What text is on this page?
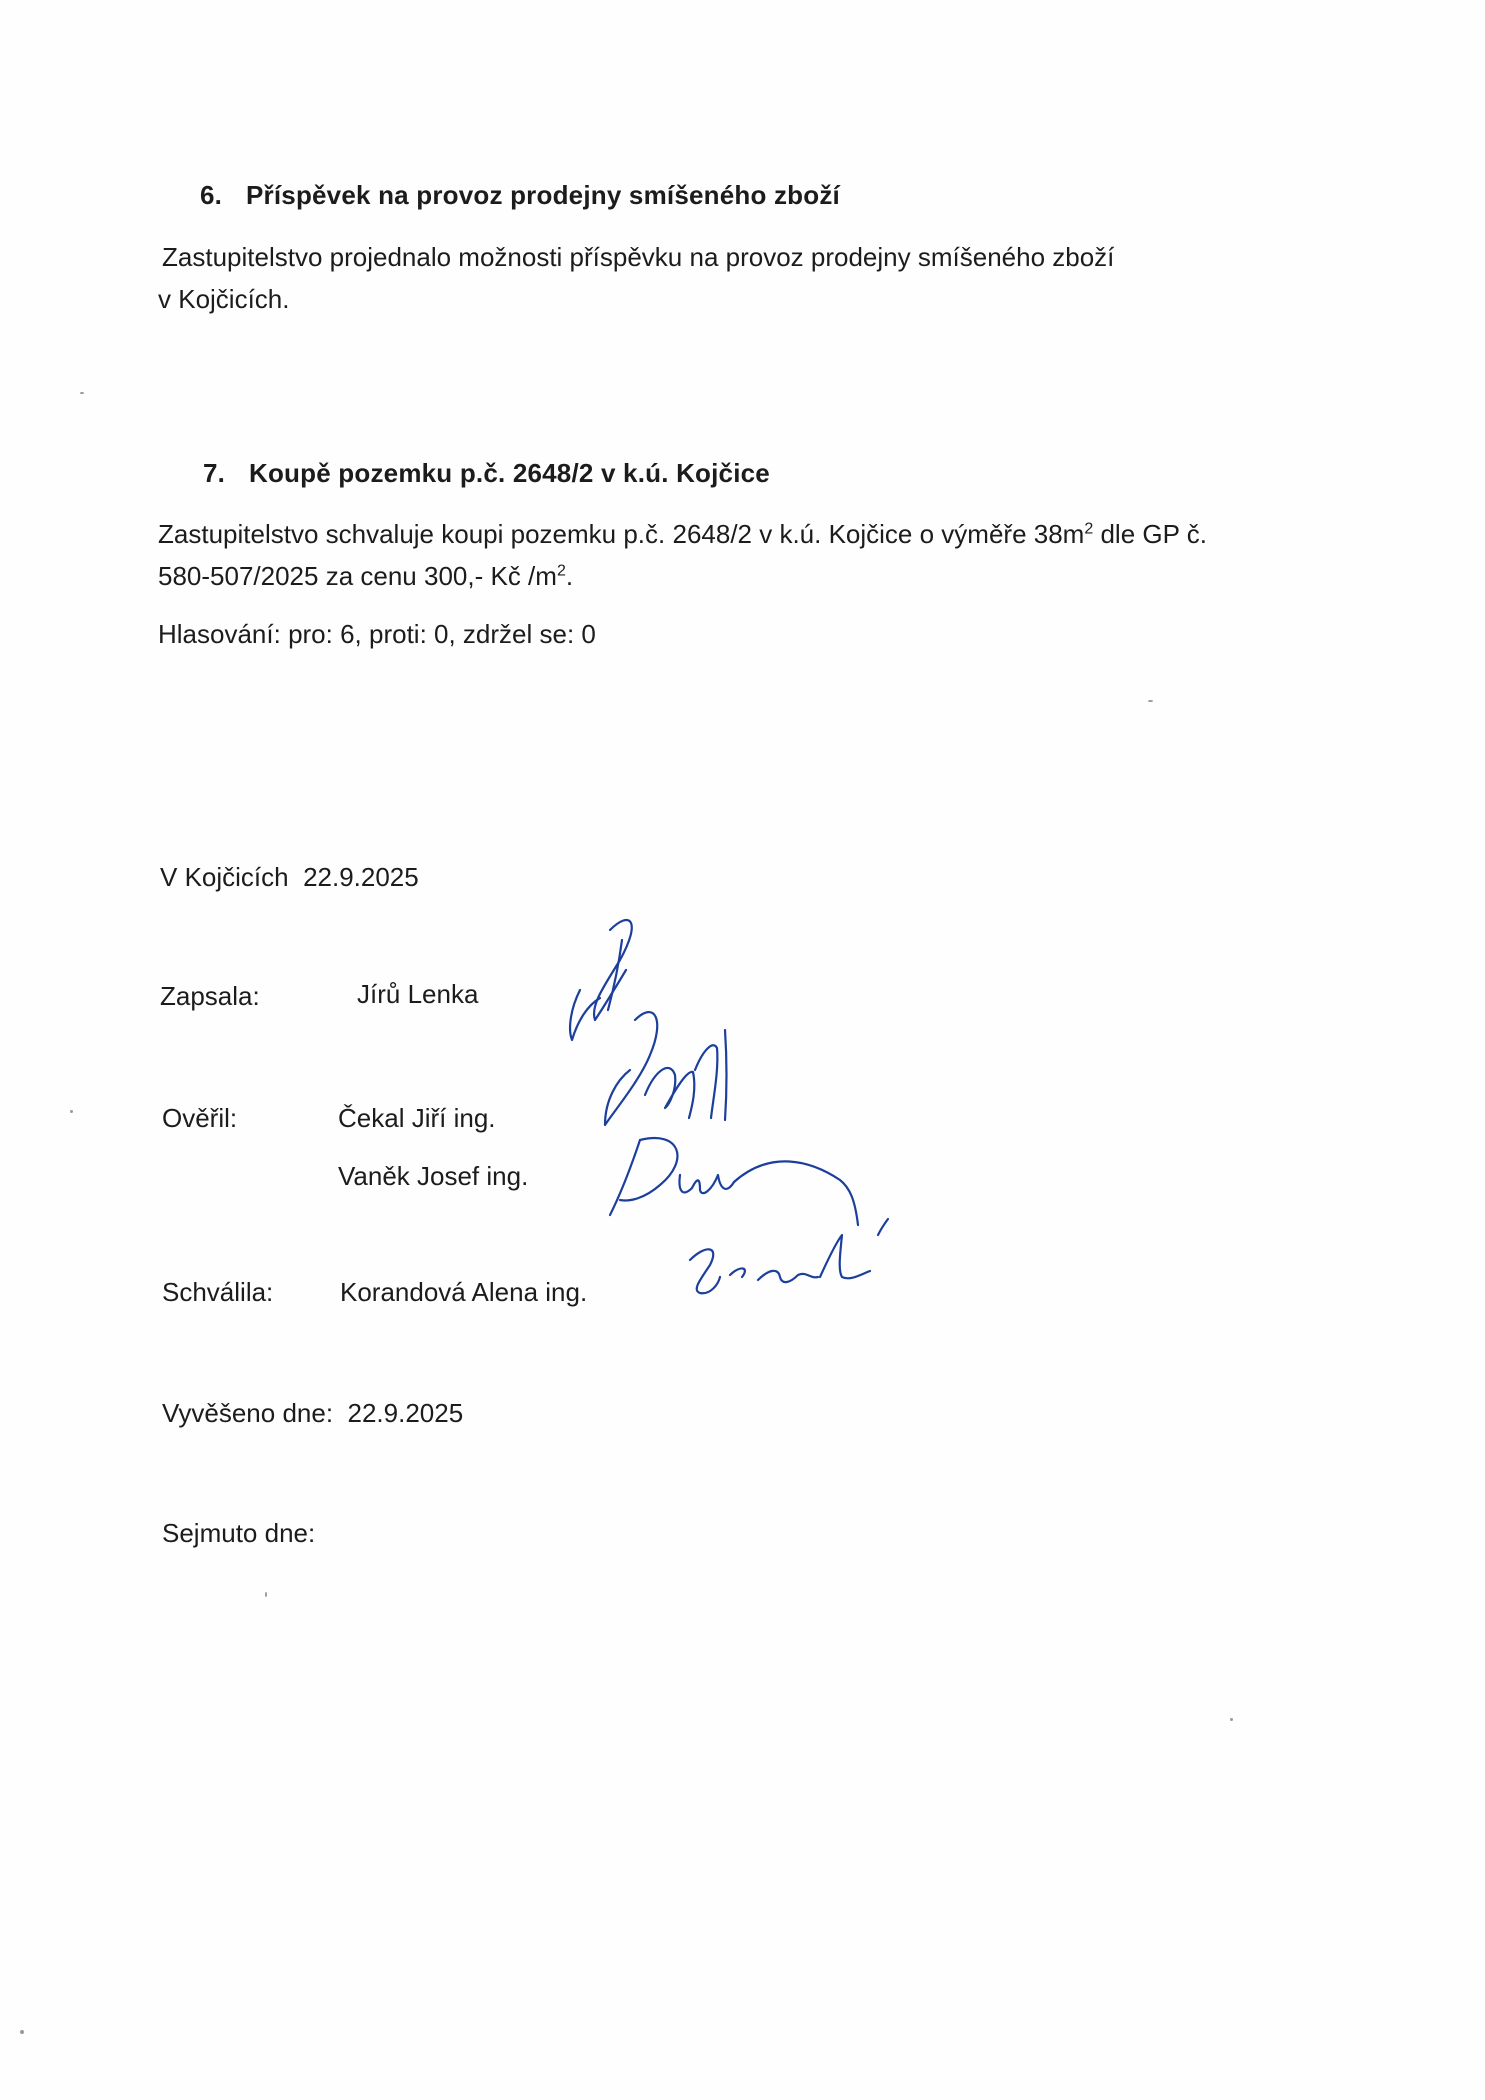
6. Příspěvek na provoz prodejny smíšeného zboží
Zastupitelstvo projednalo možnosti příspěvku na provoz prodejny smíšeného zboží
v Kojčicích.
7. Koupě pozemku p.č. 2648/2 v k.ú. Kojčice
Zastupitelstvo schvaluje koupi pozemku p.č. 2648/2 v k.ú. Kojčice o výměře $38m^2$ dle GP č.
580-507/2025 za cenu 300,- Kč $/m^2$.
Hlasování: pro: 6, proti: 0, zdržel se: 0
V Kojčicích 22.9.2025
Zapsala:	Jírů Lenka
Ověřil:	Čekal Jiří ing.
Vaněk Josef ing.
Schválila:	Korandová Alena ing.
Vyvěšeno dne: 22.9.2025
Sejmuto dne:
